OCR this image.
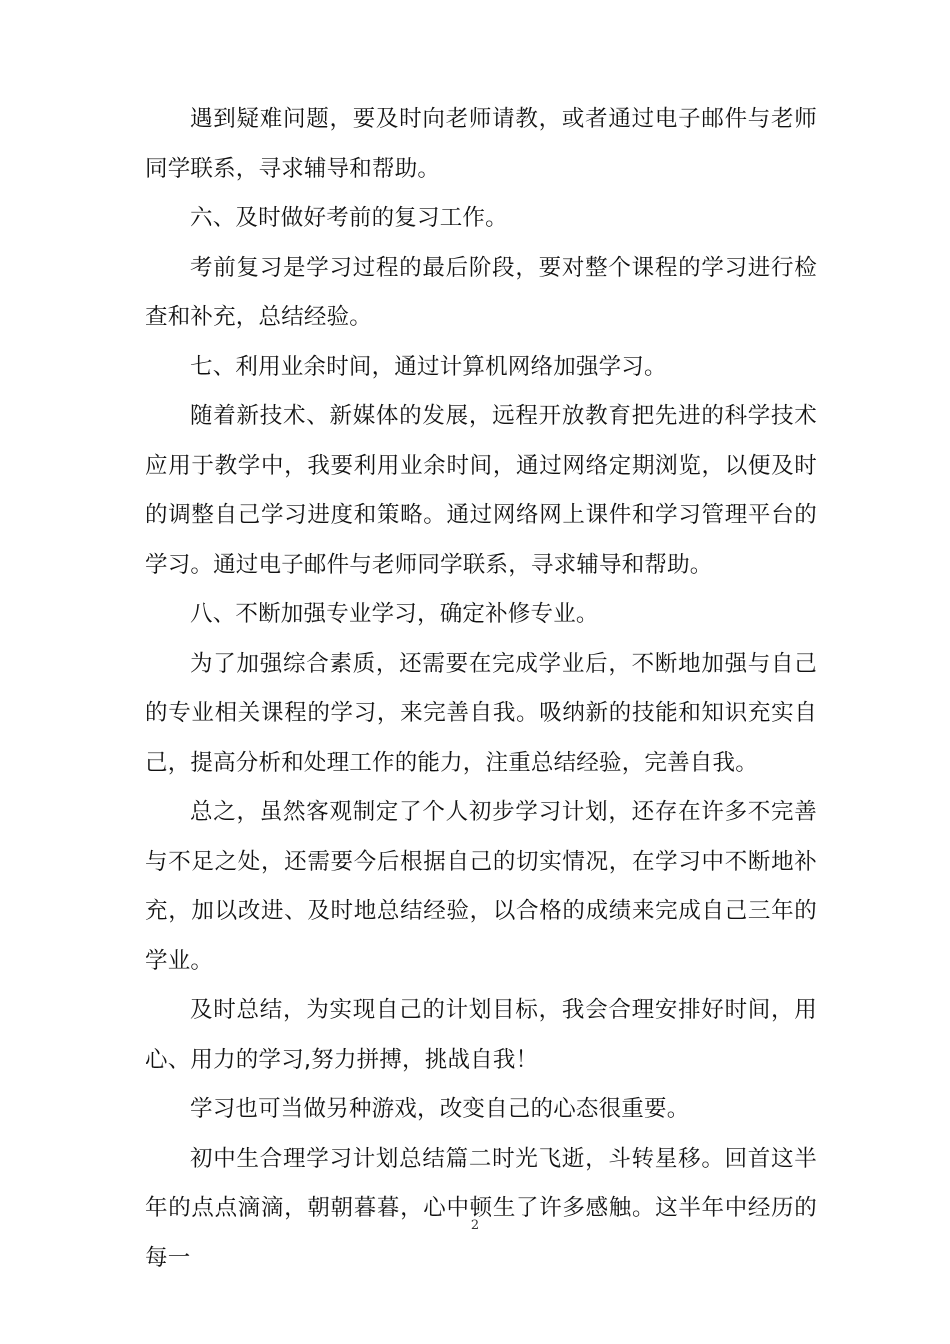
遇到疑难问题，要及时向老师请教，或者通过电子邮件与老师同学联系，寻求辅导和帮助。

六、及时做好考前的复习工作。

考前复习是学习过程的最后阶段，要对整个课程的学习进行检查和补充，总结经验。

七、利用业余时间，通过计算机网络加强学习。

随着新技术、新媒体的发展，远程开放教育把先进的科学技术应用于教学中，我要利用业余时间，通过网络定期浏览，以便及时的调整自己学习进度和策略。通过网络网上课件和学习管理平台的学习。通过电子邮件与老师同学联系，寻求辅导和帮助。

八、不断加强专业学习，确定补修专业。

为了加强综合素质，还需要在完成学业后，不断地加强与自己的专业相关课程的学习，来完善自我。吸纳新的技能和知识充实自己，提高分析和处理工作的能力，注重总结经验，完善自我。

总之，虽然客观制定了个人初步学习计划，还存在许多不完善与不足之处，还需要今后根据自己的切实情况，在学习中不断地补充，加以改进、及时地总结经验，以合格的成绩来完成自己三年的学业。

及时总结，为实现自己的计划目标，我会合理安排好时间，用心、用力的学习,努力拼搏，挑战自我！

学习也可当做另种游戏，改变自己的心态很重要。

初中生合理学习计划总结篇二时光飞逝，斗转星移。回首这半年的点点滴滴，朝朝暮暮，心中顿生了许多感触。这半年中经历的每一

2
